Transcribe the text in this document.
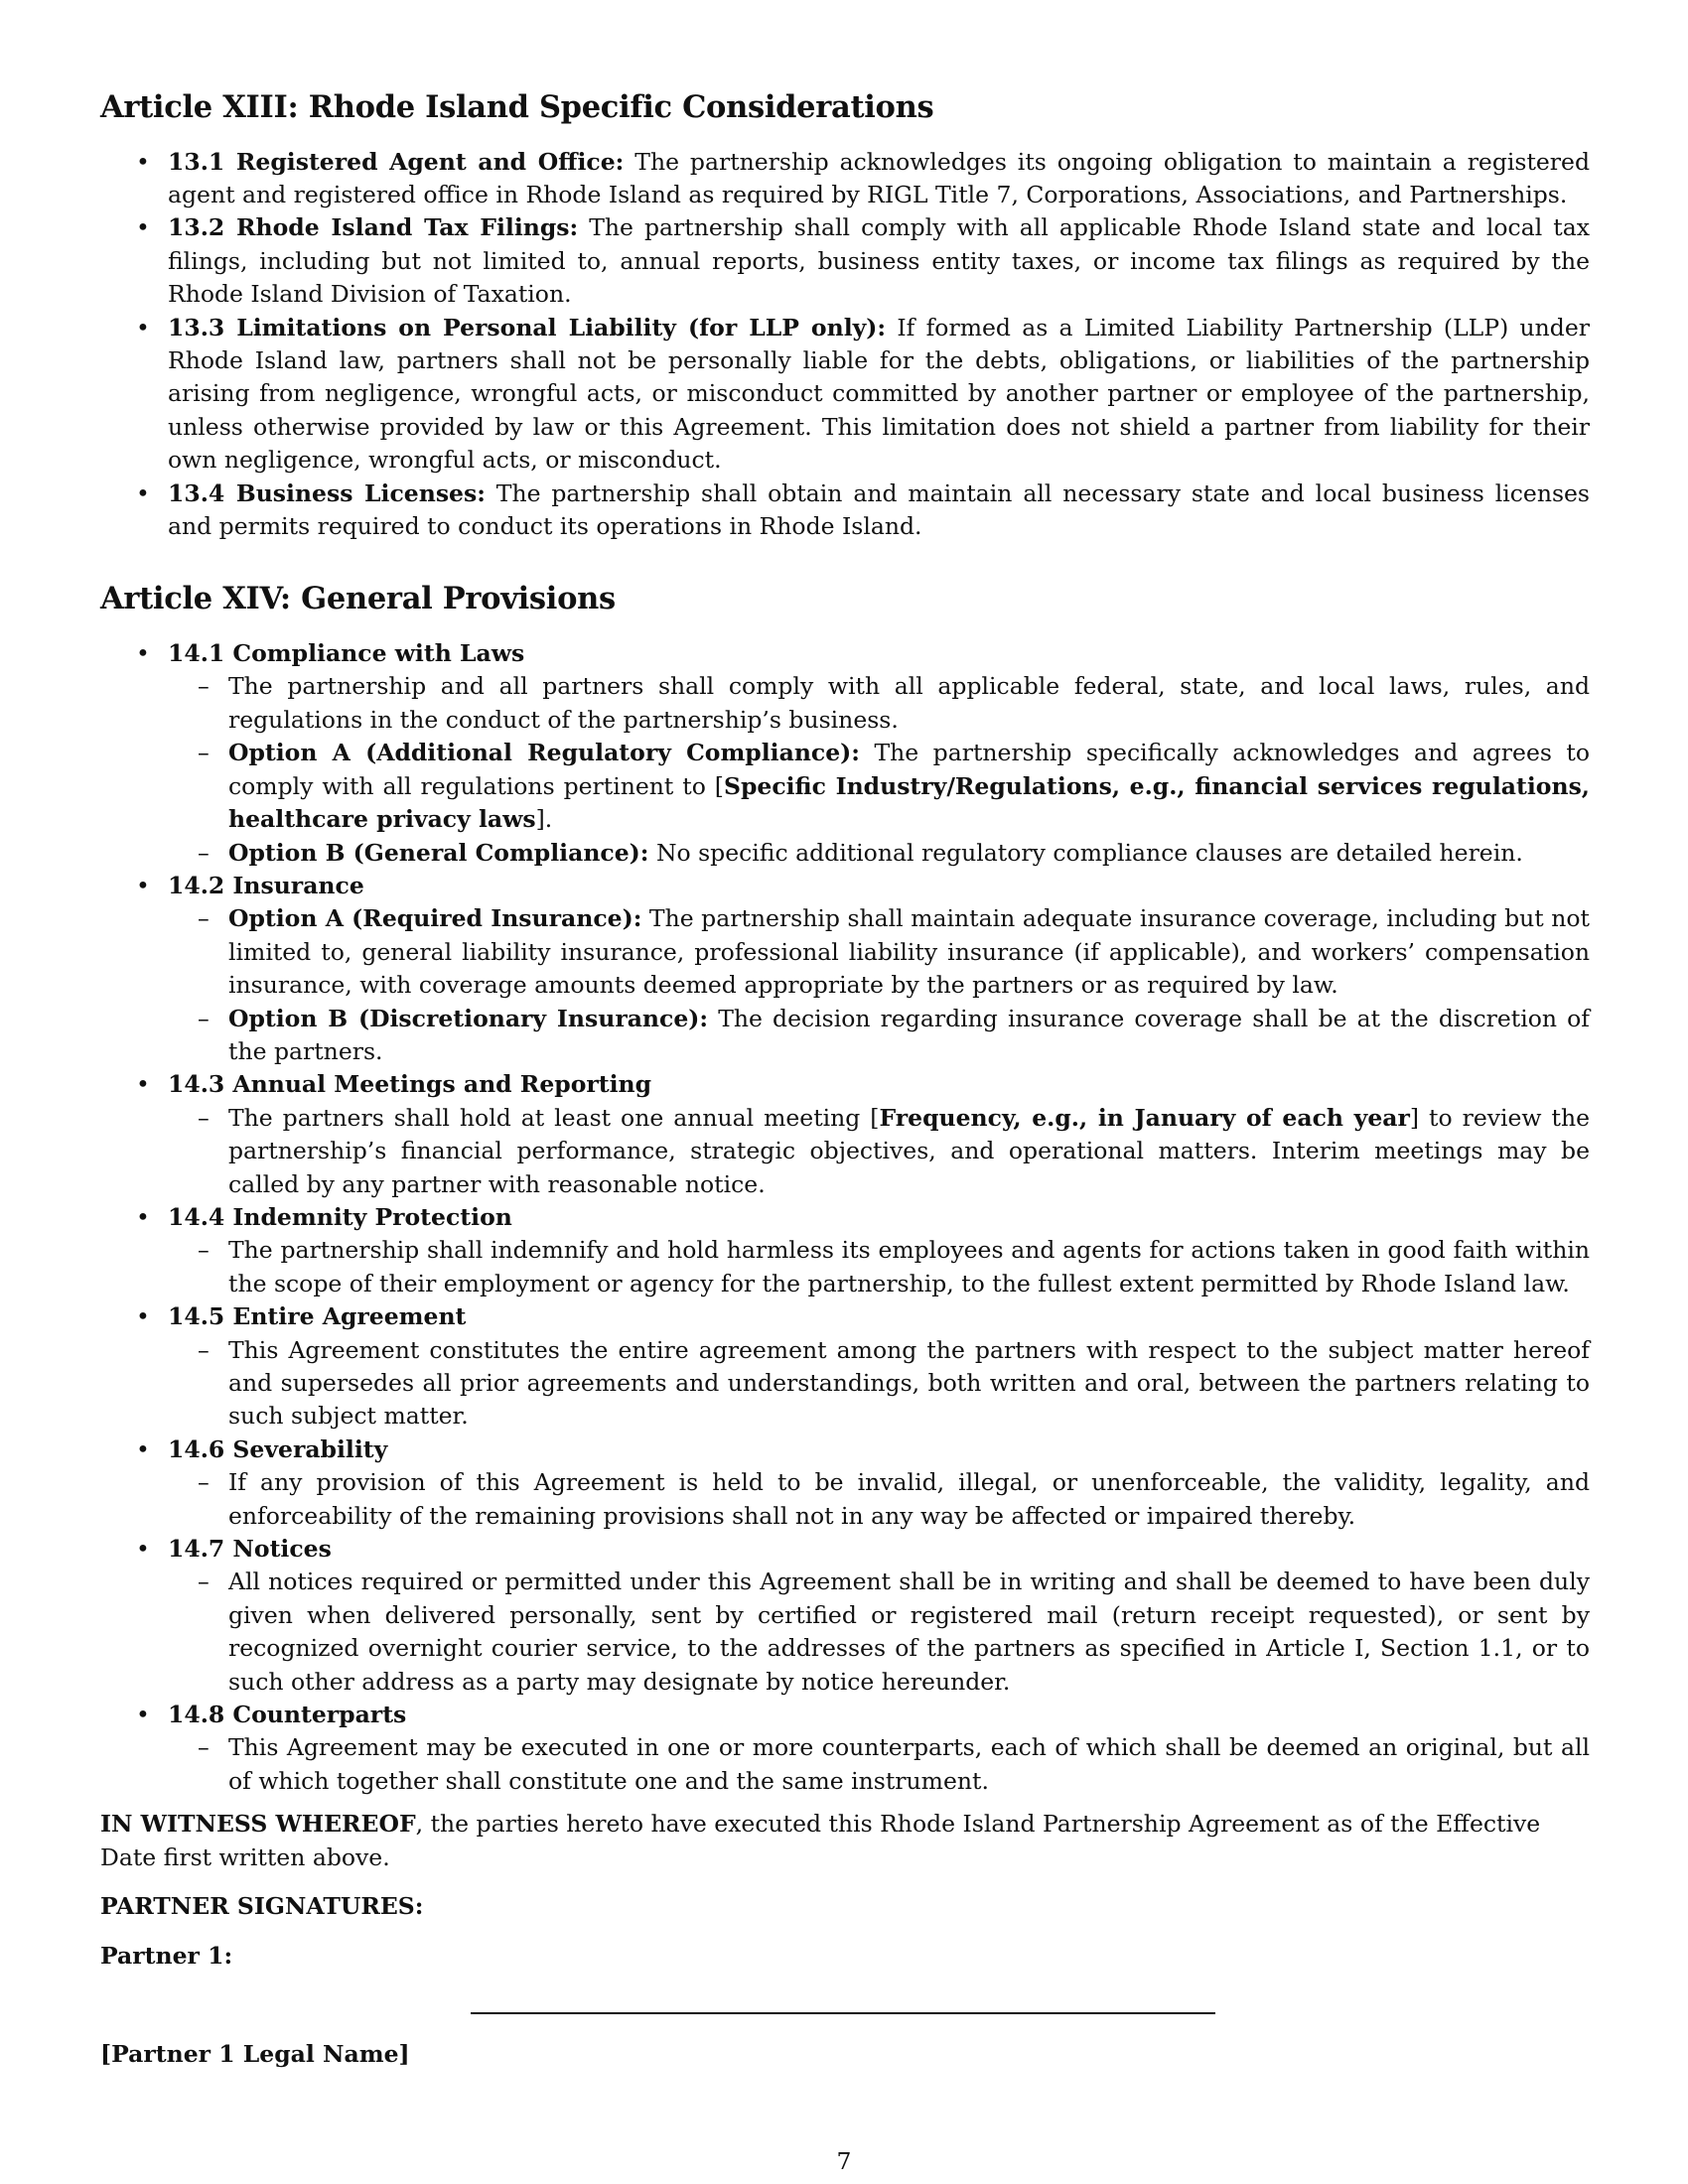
Article XIII: Rhode Island Specific Considerations
• 13.1 Registered Agent and Office: The partnership acknowledges its ongoing obligation to maintain a registered agent and registered office in Rhode Island as required by RIGL Title 7, Corporations, Associations, and Partnerships.
• 13.2 Rhode Island Tax Filings: The partnership shall comply with all applicable Rhode Island state and local tax filings, including but not limited to, annual reports, business entity taxes, or income tax filings as required by the Rhode Island Division of Taxation.
• 13.3 Limitations on Personal Liability (for LLP only): If formed as a Limited Liability Partnership (LLP) under Rhode Island law, partners shall not be personally liable for the debts, obligations, or liabilities of the partnership arising from negligence, wrongful acts, or misconduct committed by another partner or employee of the partnership, unless otherwise provided by law or this Agreement. This limitation does not shield a partner from liability for their own negligence, wrongful acts, or misconduct.
• 13.4 Business Licenses: The partnership shall obtain and maintain all necessary state and local business licenses and permits required to conduct its operations in Rhode Island.
Article XIV: General Provisions
• 14.1 Compliance with Laws
– The partnership and all partners shall comply with all applicable federal, state, and local laws, rules, and regulations in the conduct of the partnership’s business.
– Option A (Additional Regulatory Compliance): The partnership specifically acknowledges and agrees to comply with all regulations pertinent to [Specific Industry/Regulations, e.g., financial services regulations, healthcare privacy laws].
– Option B (General Compliance): No specific additional regulatory compliance clauses are detailed herein.
• 14.2 Insurance
– Option A (Required Insurance): The partnership shall maintain adequate insurance coverage, including but not limited to, general liability insurance, professional liability insurance (if applicable), and workers’ compensation insurance, with coverage amounts deemed appropriate by the partners or as required by law.
– Option B (Discretionary Insurance): The decision regarding insurance coverage shall be at the discretion of the partners.
• 14.3 Annual Meetings and Reporting
– The partners shall hold at least one annual meeting [Frequency, e.g., in January of each year] to review the partnership’s financial performance, strategic objectives, and operational matters. Interim meetings may be called by any partner with reasonable notice.
• 14.4 Indemnity Protection
– The partnership shall indemnify and hold harmless its employees and agents for actions taken in good faith within the scope of their employment or agency for the partnership, to the fullest extent permitted by Rhode Island law.
• 14.5 Entire Agreement
– This Agreement constitutes the entire agreement among the partners with respect to the subject matter hereof and supersedes all prior agreements and understandings, both written and oral, between the partners relating to such subject matter.
• 14.6 Severability
– If any provision of this Agreement is held to be invalid, illegal, or unenforceable, the validity, legality, and enforceability of the remaining provisions shall not in any way be affected or impaired thereby.
• 14.7 Notices
– All notices required or permitted under this Agreement shall be in writing and shall be deemed to have been duly given when delivered personally, sent by certified or registered mail (return receipt requested), or sent by recognized overnight courier service, to the addresses of the partners as specified in Article I, Section 1.1, or to such other address as a party may designate by notice hereunder.
• 14.8 Counterparts
– This Agreement may be executed in one or more counterparts, each of which shall be deemed an original, but all of which together shall constitute one and the same instrument.

IN WITNESS WHEREOF, the parties hereto have executed this Rhode Island Partnership Agreement as of the Effective Date first written above.

PARTNER SIGNATURES:

Partner 1:

[Partner 1 Legal Name]
7
